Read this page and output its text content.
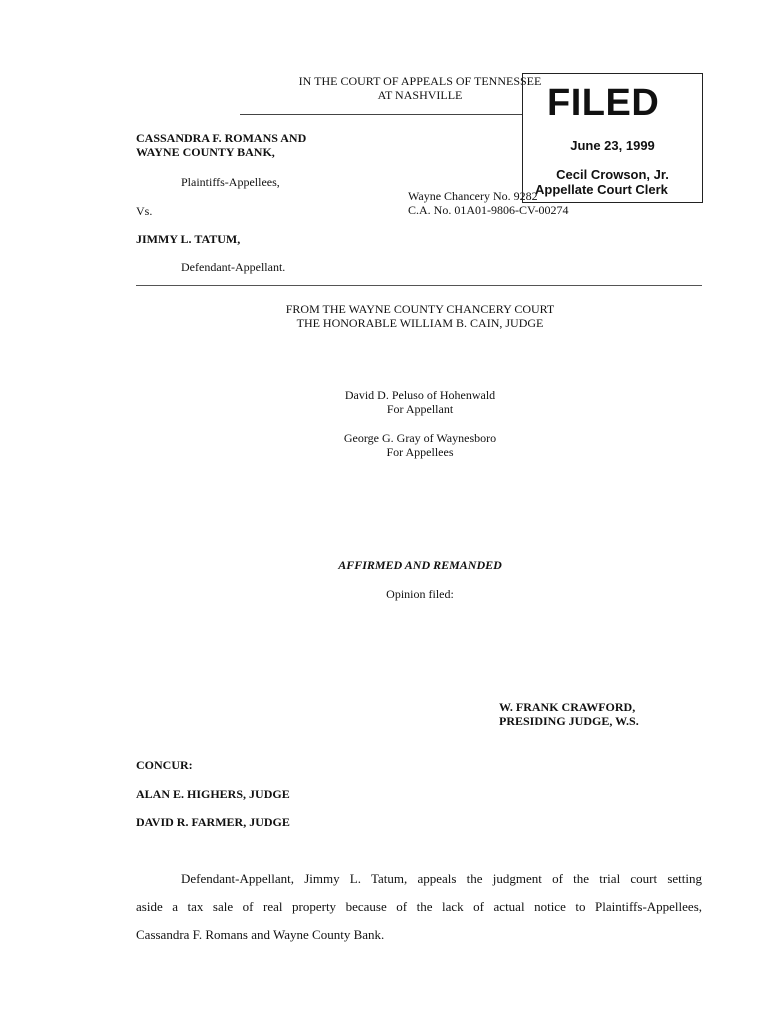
IN THE COURT OF APPEALS OF TENNESSEE
AT NASHVILLE
Wayne Chancery No. 9282
C.A. No. 01A01-9806-CV-00274
FILED
June 23, 1999
Cecil Crowson, Jr.
Appellate Court Clerk
CASSANDRA F. ROMANS AND
WAYNE COUNTY BANK,
Plaintiffs-Appellees,
Vs.
JIMMY L. TATUM,
Defendant-Appellant.
FROM THE WAYNE COUNTY CHANCERY COURT
THE HONORABLE WILLIAM B. CAIN, JUDGE
David D. Peluso of Hohenwald
For Appellant
George G. Gray of Waynesboro
For Appellees
AFFIRMED AND REMANDED
Opinion filed:
W. FRANK CRAWFORD,
PRESIDING JUDGE, W.S.
CONCUR:
ALAN E. HIGHERS, JUDGE
DAVID R. FARMER, JUDGE
Defendant-Appellant, Jimmy L. Tatum, appeals the judgment of the trial court setting
aside a tax sale of real property because of the lack of actual notice to Plaintiffs-Appellees,
Cassandra F. Romans and Wayne County Bank.
